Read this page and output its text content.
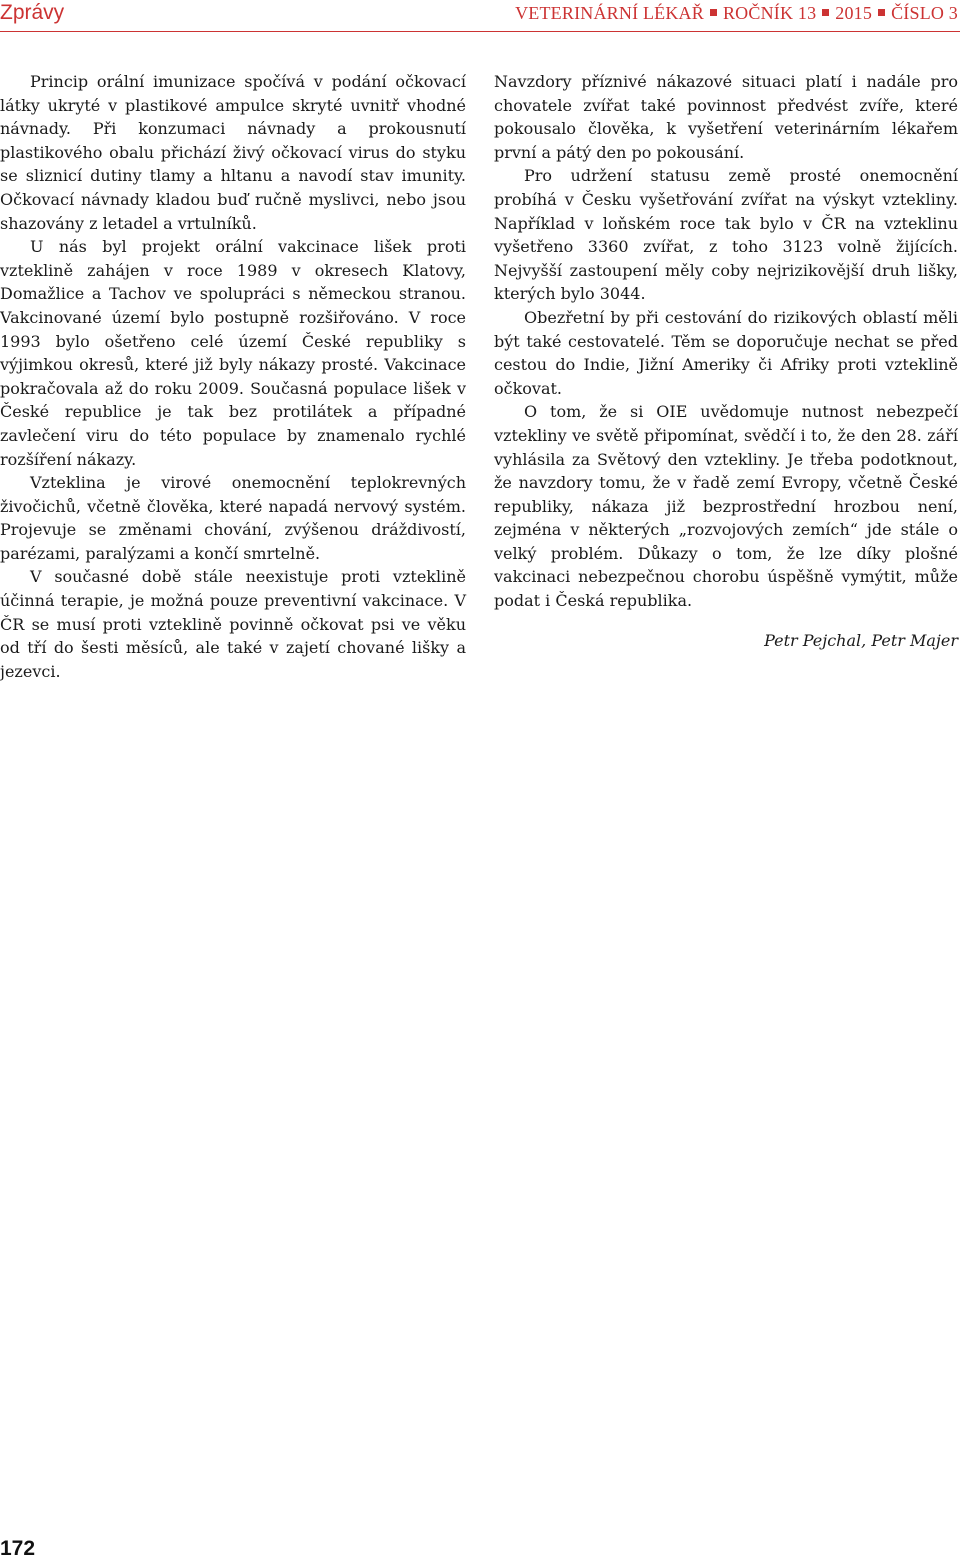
Zprávy	VETERINÁRNÍ LÉKAŘ ROČNÍK 13 2015 ČÍSLO 3

Princip orální imunizace spočívá v podání očkovací látky ukryté v plastikové ampulce skryté uvnitř vhodné návnady. Při konzumaci návnady a prokousnutí plastikového obalu přichází živý očkovací virus do styku se sliznicí dutiny tlamy a hltanu a navodí stav imunity. Očkovací návnady kladou buď ručně myslivci, nebo jsou shazovány z letadel a vrtulníků.

U nás byl projekt orální vakcinace lišek proti vzteklině zahájen v roce 1989 v okresech Klatovy, Domažlice a Tachov ve spolupráci s německou stranou. Vakcinované území bylo postupně rozšiřováno. V roce 1993 bylo ošetřeno celé území České republiky s výjimkou okresů, které již byly nákazy prosté. Vakcinace pokračovala až do roku 2009. Současná populace lišek v České republice je tak bez protilátek a případné zavlečení viru do této populace by znamenalo rychlé rozšíření nákazy.

Vzteklina je virové onemocnění teplokrevných živočichů, včetně člověka, které napadá nervový systém. Projevuje se změnami chování, zvýšenou dráždivostí, parézami, paralýzami a končí smrtelně.

V současné době stále neexistuje proti vzteklině účinná terapie, je možná pouze preventivní vakcinace. V ČR se musí proti vzteklině povinně očkovat psi ve věku od tří do šesti měsíců, ale také v zajetí chované lišky a jezevci.

Navzdory příznivé nákazové situaci platí i nadále pro chovatele zvířat také povinnost předvést zvíře, které pokousalo člověka, k vyšetření veterinárním lékařem první a pátý den po pokousání.

Pro udržení statusu země prosté onemocnění probíhá v Česku vyšetřování zvířat na výskyt vztekliny. Například v loňském roce tak bylo v ČR na vzteklinu vyšetřeno 3360 zvířat, z toho 3123 volně žijících. Nejvyšší zastoupení měly coby nejrizikovější druh lišky, kterých bylo 3044.

Obezřetní by při cestování do rizikových oblastí měli být také cestovatelé. Těm se doporučuje nechat se před cestou do Indie, Jižní Ameriky či Afriky proti vzteklině očkovat.

O tom, že si OIE uvědomuje nutnost nebezpečí vztekliny ve světě připomínat, svědčí i to, že den 28. září vyhlásila za Světový den vztekliny. Je třeba podotknout, že navzdory tomu, že v řadě zemí Evropy, včetně České republiky, nákaza již bezprostřední hrozbou není, zejména v některých „rozvojových zemích“ jde stále o velký problém. Důkazy o tom, že lze díky plošné vakcinaci nebezpečnou chorobu úspěšně vymýtit, může podat i Česká republika.

Petr Pejchal, Petr Majer
172
